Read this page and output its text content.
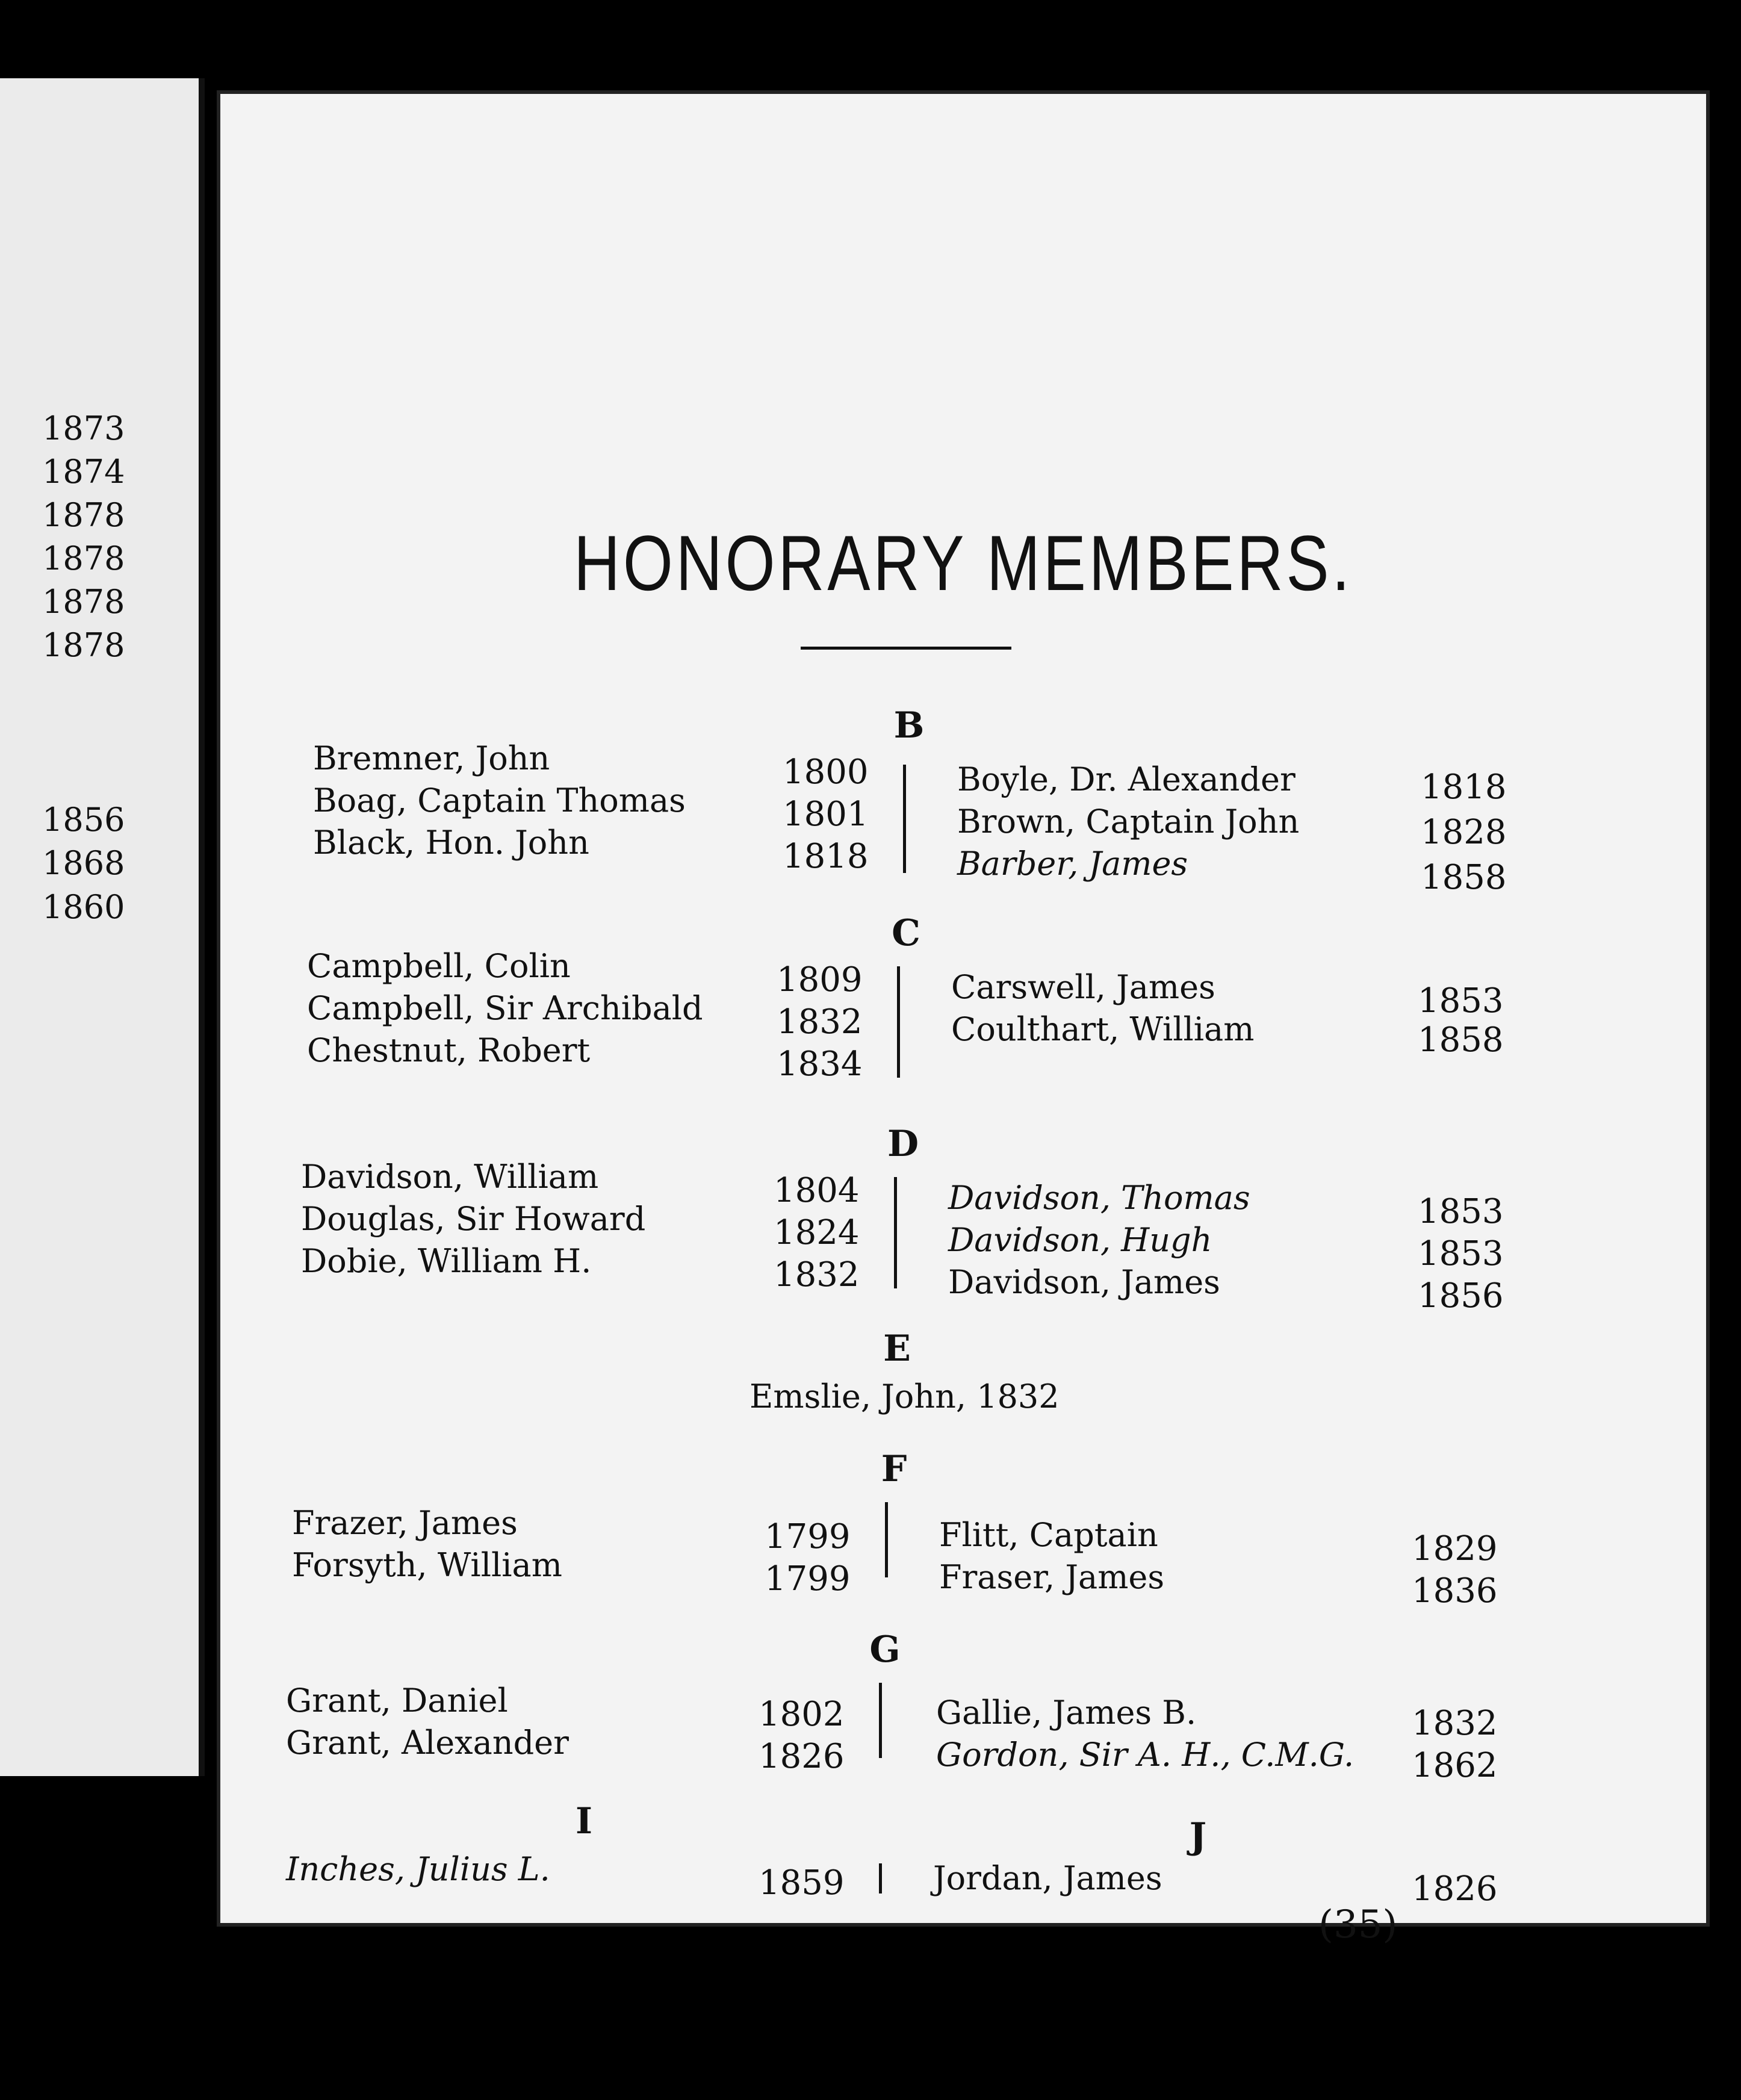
1873
1874
1878
1878
1878
1878
1856
1868
1860
HONORARY MEMBERS.
B
Bremner, John	1800
Boag, Captain Thomas	1801
Black, Hon. John	1818
Boyle, Dr. Alexander	1818
Brown, Captain John	1828
Barber, James	1858
C
Campbell, Colin	1809
Campbell, Sir Archibald 1832
Chestnut, Robert	1834
Carswell, James	1853
Coulthart, William	1858
D
Davidson, William	1804
Douglas, Sir Howard	1824
Dobie, William H.	1832
Davidson, Thomas	1853
Davidson, Hugh	1853
Davidson, James	1856
E
Emslie, John, 1832
F
Frazer, James	1799
Forsyth, William	1799
Flitt, Captain	1829
Fraser, James	1836
G
Grant, Daniel	1802
Grant, Alexander	1826
Gallie, James B.	1832
Gordon, Sir A. H., C.M.G. 1862
I	J
Inches, Julius L.	1859	Jordan, James	1826
(35)
